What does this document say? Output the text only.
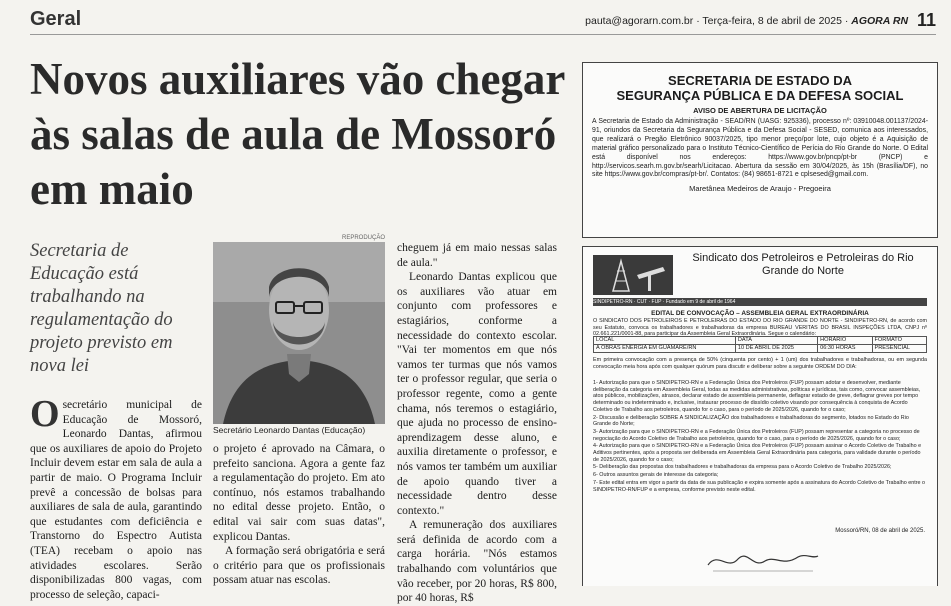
Geral	pauta@agorarn.com.br · Terça-feira, 8 de abril de 2025 · AGORA RN 11
Novos auxiliares vão chegar às salas de aula de Mossoró em maio

Secretaria de Educação está trabalhando na regulamentação do projeto previsto em nova lei

O secretário municipal de Educação de Mossoró, Leonardo Dantas, afirmou que os auxiliares de apoio do Projeto Incluir devem estar em sala de aula a partir de maio. O Programa Incluir prevê a concessão de bolsas para auxiliares de sala de aula, garantindo que estudantes com deficiência e Transtorno do Espectro Autista (TEA) recebam o apoio nas atividades escolares. Serão disponibilizadas 800 vagas, com processo de seleção, capaci-
REPRODUÇÃO
Secretário Leonardo Dantas (Educação)

o projeto é aprovado na Câmara, o prefeito sanciona. Agora a gente faz a regulamentação do projeto. Em ato contínuo, nós estamos trabalhando no edital desse projeto. Então, o edital vai sair com suas datas", explicou Dantas.

A formação será obrigatória e será o critério para que os profissionais possam atuar nas escolas.

cheguem já em maio nessas salas de aula."

Leonardo Dantas explicou que os auxiliares vão atuar em conjunto com professores e estagiários, conforme a necessidade do contexto escolar. "Vai ter momentos em que nós vamos ter turmas que nós vamos ter o professor regular, que seria o professor regente, como a gente chama, nós teremos o estagiário, que ajuda no processo de ensino-aprendizagem desse aluno, e auxilia diretamente o professor, e nós vamos ter também um auxiliar de apoio quando tiver a necessidade dentro desse contexto."

A remuneração dos auxiliares será definida de acordo com a carga horária. "Nós estamos trabalhando com voluntários que vão receber, por 20 horas, R$ 800, por 40 horas, R$

SECRETARIA DE ESTADO DA
SEGURANÇA PÚBLICA E DA DEFESA SOCIAL
AVISO DE ABERTURA DE LICITAÇÃO
A Secretaria de Estado da Administração - SEAD/RN (UASG: 925336), processo nº: 03910048.001137/2024-91, oriundos da Secretaria da Segurança Pública e da Defesa Social - SESED, comunica aos interessados, que realizará o Pregão Eletrônico 90037/2025, tipo menor preço/por lote, cujo objeto é a Aquisição de material gráfico personalizado para o Instituto Técnico-Científico de Perícia do Rio Grande do Norte. O Edital está disponível nos endereços: https://www.gov.br/pncp/pt-br (PNCP) e http://servicos.searh.rn.gov.br/searh/Licitacao. Abertura da sessão em 30/04/2025, às 15h (Brasília/DF), no site https://www.gov.br/compras/pt-br/. Contatos: (84) 98651-8721 e cplsesed@gmail.com.
Maretânea Medeiros de Araujo - Pregoeira
Sindicato dos Petroleiros e Petroleiras do Rio Grande do Norte
SINDIPETRO-RN · CUT · FUP · Fundado em 9 de abril de 1964
EDITAL DE CONVOCAÇÃO – ASSEMBLEIA GERAL EXTRAORDINÁRIA
O SINDICATO DOS PETROLEIROS E PETROLEIRAS DO ESTADO DO RIO GRANDE DO NORTE - SINDIPETRO-RN, de acordo com seu Estatuto, convoca os trabalhadores e trabalhadoras da empresa BUREAU VERITAS DO BRASIL INSPEÇÕES LTDA, CNPJ nº 02.661.221/0001-88, para participar da Assembleia Geral Extraordinária. Segue o calendário:
LOCAL	DATA	HORÁRIO	FORMATO
A OBRAS ENERGIA EM GUAMARÉ/RN	10 DE ABRIL DE 2025	06:30 HORAS	PRESENCIAL
Em primeira convocação com a presença de 50% (cinquenta por cento) + 1 (um) dos trabalhadores e trabalhadoras, ou em segunda convocação meia hora após com qualquer quórum para discutir e deliberar sobre a seguinte ORDEM DO DIA:
1- Autorização para que o SINDIPETRO-RN e a Federação Única dos Petroleiros (FUP) possam adotar e desenvolver, mediante deliberação da categoria em Assembleia Geral, todas as medidas administrativas, políticas e jurídicas, tais como, convocar assembleias, atos públicos, mobilizações, atrasos, declarar estado de assembleia permanente, deflagrar estado de greve, deflagrar greves por tempo determinado ou indeterminado e, inclusive, instaurar processo de dissídio coletivo visando por consequência à conquista de Acordo Coletivo de Trabalho aos petroleiros, quando for o caso, para o período de 2025/2026, quando for o caso;
2- Discussão e deliberação SOBRE A SINDICALIZAÇÃO dos trabalhadores e trabalhadoras do segmento, lotados no Estado do Rio Grande do Norte;
3- Autorização para que o SINDIPETRO-RN e a Federação Única dos Petroleiros (FUP) possam representar a categoria no processo de negociação do Acordo Coletivo de Trabalho aos petroleiros, quando for o caso, para o período de 2025/2026, quando for o caso;
4- Autorização para que o SINDIPETRO-RN e a Federação Única dos Petroleiros (FUP) possam assinar o Acordo Coletivo de Trabalho e Aditivos pertinentes, após a proposta ser deliberada em Assembleia Geral Extraordinária para categoria, para validade durante o período de 2025/2026, quando for o caso;
5- Deliberação das propostas dos trabalhadores e trabalhadoras da empresa para o Acordo Coletivo de Trabalho 2025/2026;
6- Outros assuntos gerais de interesse da categoria;
7- Este edital entra em vigor a partir da data de sua publicação e expira somente após a assinatura do Acordo Coletivo de Trabalho entre o SINDIPETRO-RN/FUP e a empresa, conforme previsto neste edital.
Mossoró/RN, 08 de abril de 2025.
